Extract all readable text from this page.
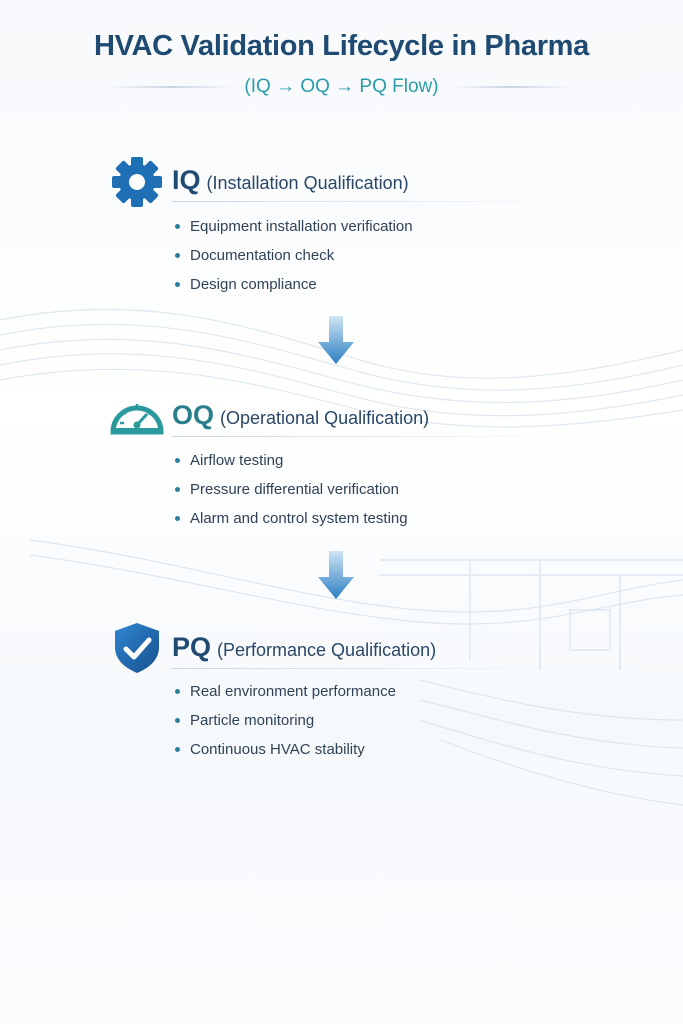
HVAC Validation Lifecycle in Pharma
(IQ → OQ → PQ Flow)
IQ (Installation Qualification)
Equipment installation verification
Documentation check
Design compliance
OQ (Operational Qualification)
Airflow testing
Pressure differential verification
Alarm and control system testing
PQ (Performance Qualification)
Real environment performance
Particle monitoring
Continuous HVAC stability
